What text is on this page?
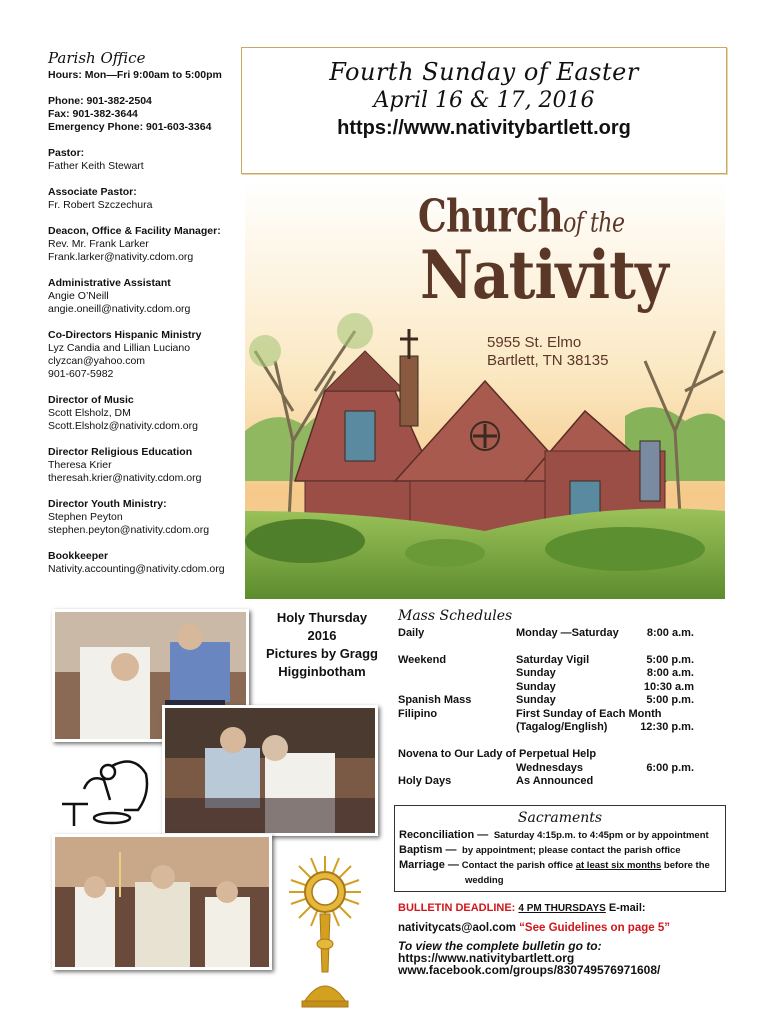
Parish Office
Hours: Mon—Fri 9:00am to 5:00pm
Phone: 901-382-2504
Fax: 901-382-3644
Emergency Phone: 901-603-3364
Pastor:
Father Keith Stewart
Associate Pastor:
Fr. Robert Szczechura
Deacon, Office & Facility Manager:
Rev. Mr. Frank Larker
Frank.larker@nativity.cdom.org
Administrative Assistant
Angie O’Neill
angie.oneill@nativity.cdom.org
Co-Directors Hispanic Ministry
Lyz Candia and Lillian Luciano
clyzcan@yahoo.com
901-607-5982
Director of Music
Scott Elsholz, DM
Scott.Elsholz@nativity.cdom.org
Director Religious Education
Theresa Krier
theresah.krier@nativity.cdom.org
Director Youth Ministry:
Stephen Peyton
stephen.peyton@nativity.cdom.org
Bookkeeper
Nativity.accounting@nativity.cdom.org
Fourth Sunday of Easter
April 16 & 17, 2016
https://www.nativitybartlett.org
Churchof the
Nativity
5955 St. Elmo
Bartlett, TN 38135
Holy Thursday
2016
Pictures by Gragg
Higginbotham
Mass Schedules
Daily	Monday —Saturday	8:00 a.m.
Weekend	Saturday Vigil	5:00 p.m.
Sunday	8:00 a.m.
Sunday	10:30 a.m
Spanish Mass	Sunday	5:00 p.m.
Filipino	First Sunday of Each Month
(Tagalog/English)	12:30 p.m.
Novena to Our Lady of Perpetual Help
Wednesdays	6:00 p.m.
Holy Days	As Announced
Sacraments
Reconciliation — Saturday 4:15p.m. to 4:45pm or by appointment
Baptism — by appointment; please contact the parish office
Marriage — Contact the parish office at least six months before the
wedding
BULLETIN DEADLINE: 4 PM THURSDAYS E-mail:
nativitycats@aol.com “See Guidelines on page 5”
To view the complete bulletin go to:
https://www.nativitybartlett.org
www.facebook.com/groups/830749576971608/
